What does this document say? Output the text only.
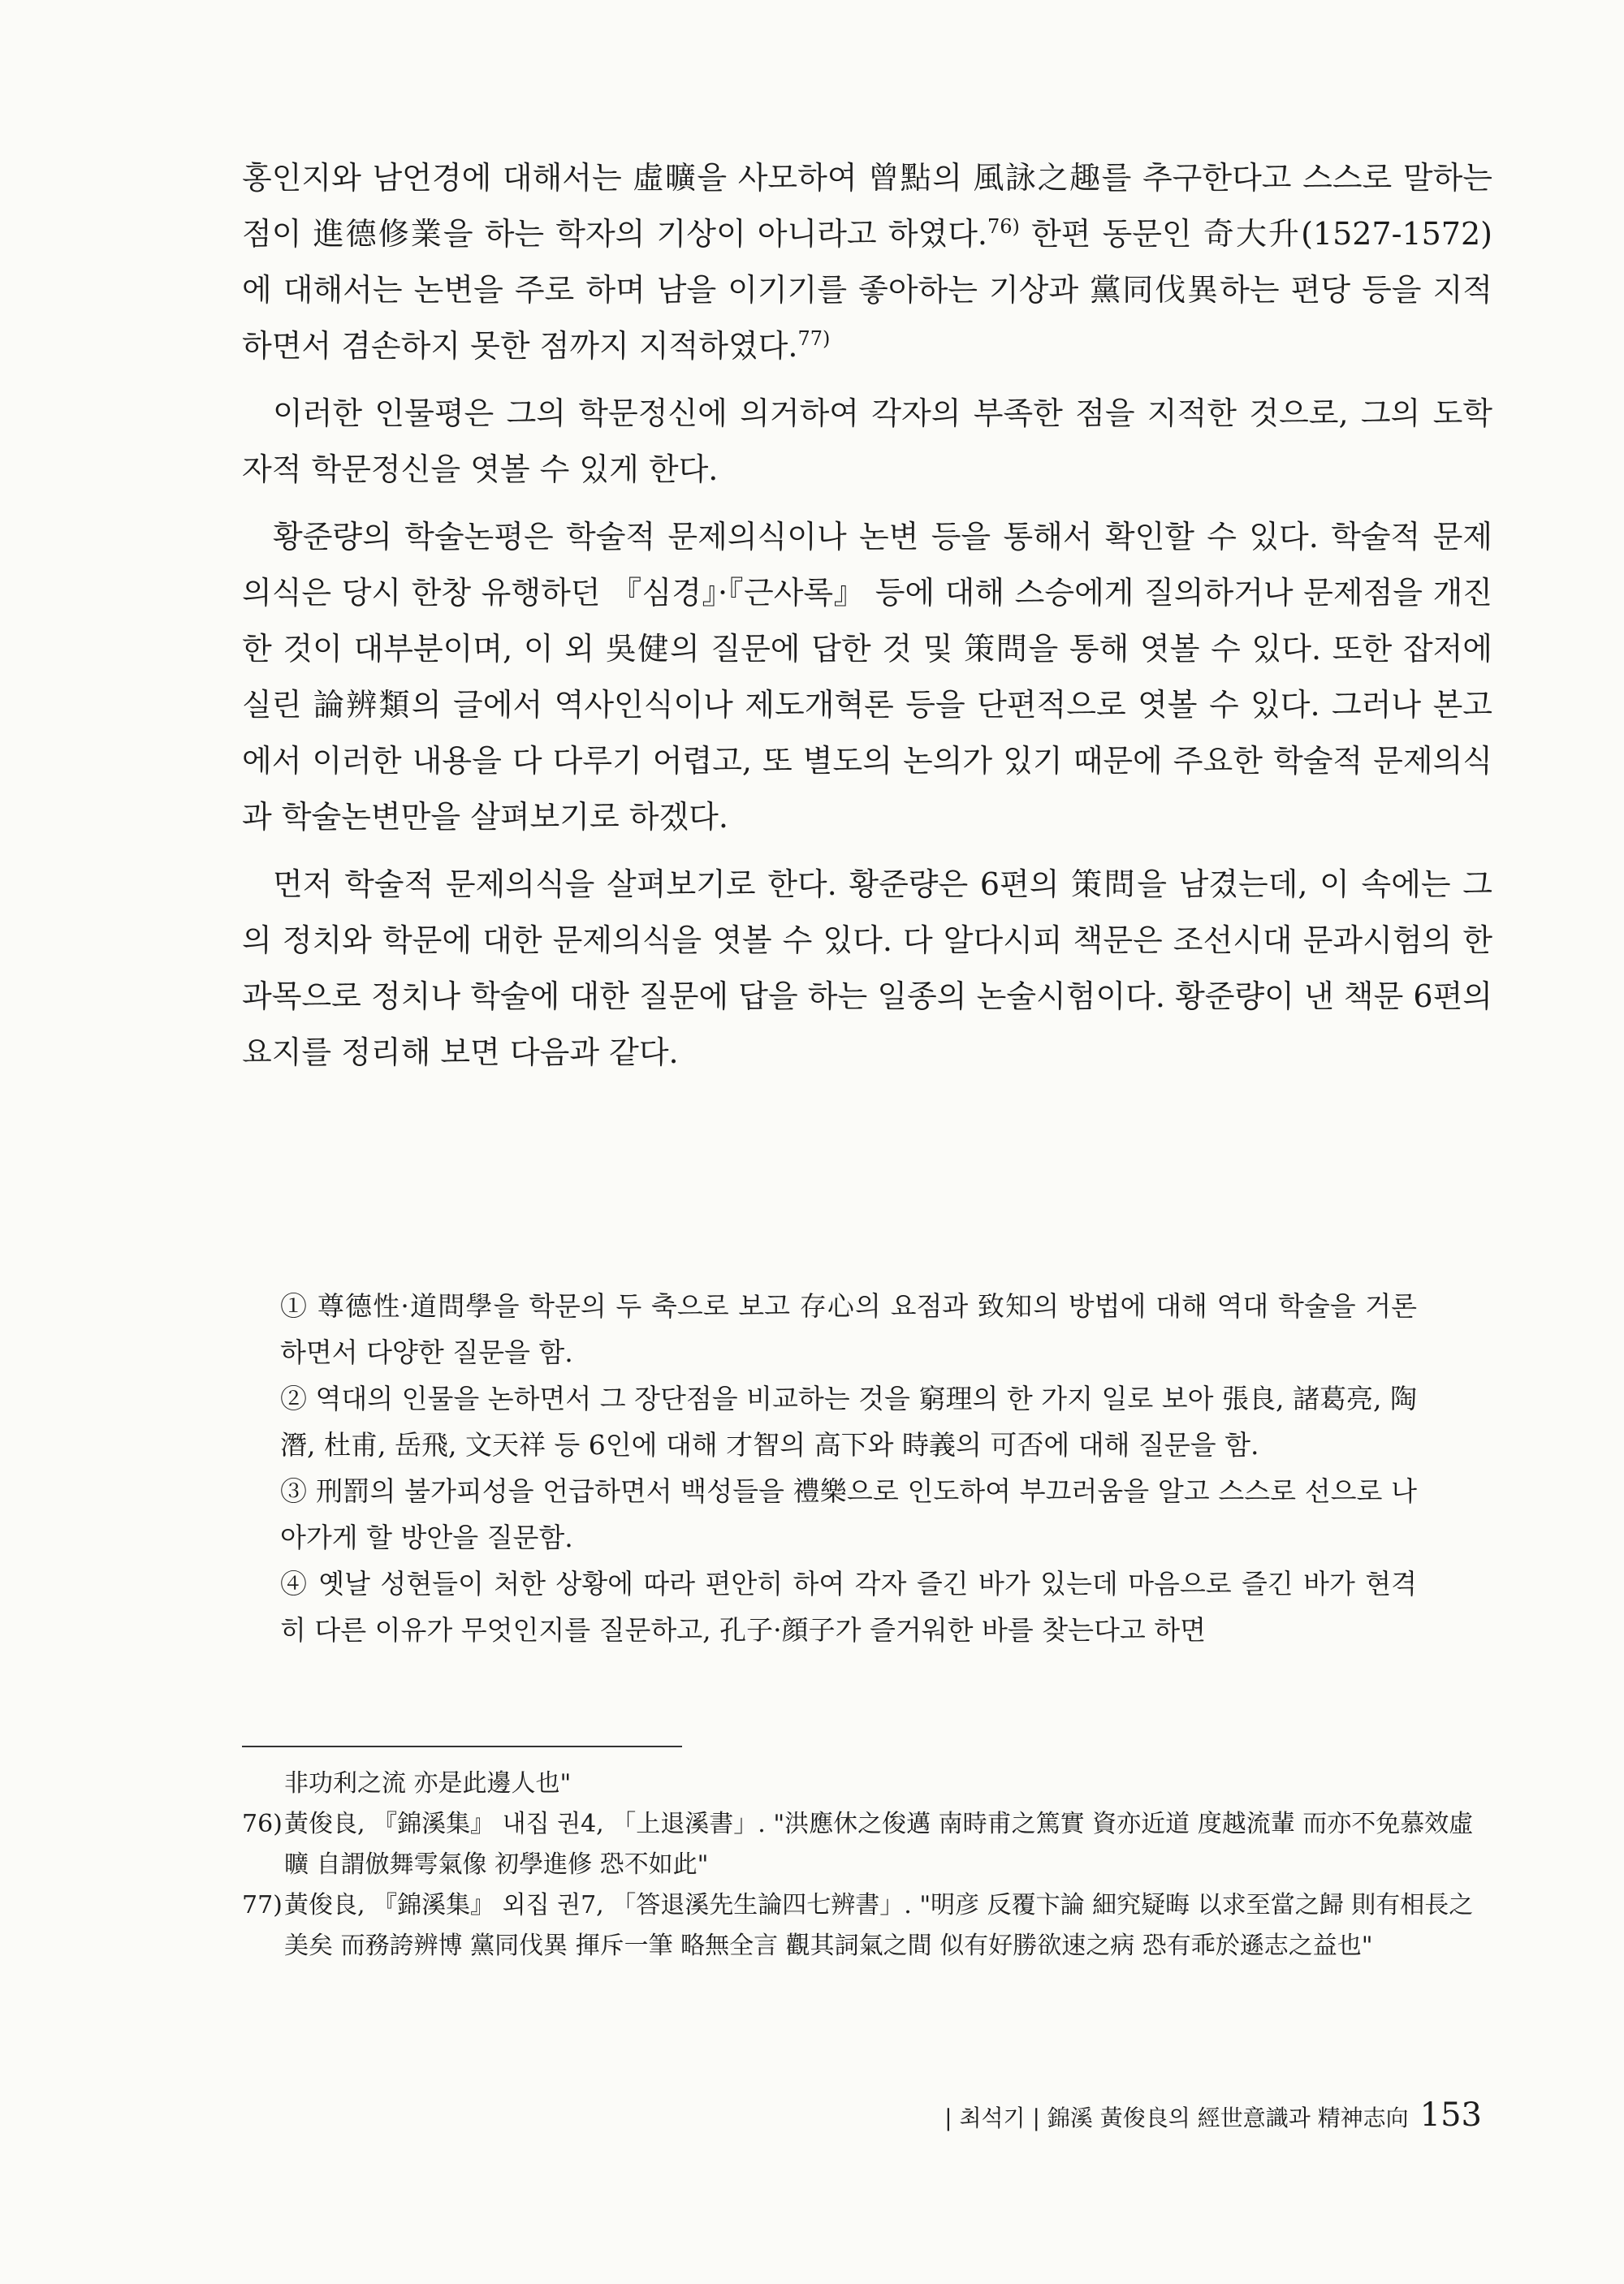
홍인지와 남언경에 대해서는 虛曠을 사모하여 曾點의 風詠之趣를 추구한다고 스스로 말하는 점이 進德修業을 하는 학자의 기상이 아니라고 하였다.$^{76)}$ 한편 동문인 奇大升(1527-1572)에 대해서는 논변을 주로 하며 남을 이기기를 좋아하는 기상과 黨同伐異하는 편당 등을 지적하면서 겸손하지 못한 점까지 지적하였다.$^{77)}$

이러한 인물평은 그의 학문정신에 의거하여 각자의 부족한 점을 지적한 것으로, 그의 도학자적 학문정신을 엿볼 수 있게 한다.

황준량의 학술논평은 학술적 문제의식이나 논변 등을 통해서 확인할 수 있다. 학술적 문제의식은 당시 한창 유행하던 『심경』·『근사록』 등에 대해 스승에게 질의하거나 문제점을 개진한 것이 대부분이며, 이 외 吳健의 질문에 답한 것 및 策問을 통해 엿볼 수 있다. 또한 잡저에 실린 論辨類의 글에서 역사인식이나 제도개혁론 등을 단편적으로 엿볼 수 있다. 그러나 본고에서 이러한 내용을 다 다루기 어렵고, 또 별도의 논의가 있기 때문에 주요한 학술적 문제의식과 학술논변만을 살펴보기로 하겠다.

먼저 학술적 문제의식을 살펴보기로 한다. 황준량은 6편의 策問을 남겼는데, 이 속에는 그의 정치와 학문에 대한 문제의식을 엿볼 수 있다. 다 알다시피 책문은 조선시대 문과시험의 한 과목으로 정치나 학술에 대한 질문에 답을 하는 일종의 논술시험이다. 황준량이 낸 책문 6편의 요지를 정리해 보면 다음과 같다.

① 尊德性·道問學을 학문의 두 축으로 보고 存心의 요점과 致知의 방법에 대해 역대 학술을 거론하면서 다양한 질문을 함.

② 역대의 인물을 논하면서 그 장단점을 비교하는 것을 窮理의 한 가지 일로 보아 張良, 諸葛亮, 陶潛, 杜甫, 岳飛, 文天祥 등 6인에 대해 才智의 高下와 時義의 可否에 대해 질문을 함.

③ 刑罰의 불가피성을 언급하면서 백성들을 禮樂으로 인도하여 부끄러움을 알고 스스로 선으로 나아가게 할 방안을 질문함.

④ 옛날 성현들이 처한 상황에 따라 편안히 하여 각자 즐긴 바가 있는데 마음으로 즐긴 바가 현격히 다른 이유가 무엇인지를 질문하고, 孔子·顔子가 즐거워한 바를 찾는다고 하면

非功利之流 亦是此邊人也"
76) 黃俊良, 『錦溪集』 내집 권4, 「上退溪書」. "洪應休之俊邁 南時甫之篤實 資亦近道 度越流輩 而亦不免慕效虛曠 自謂倣舞雩氣像 初學進修 恐不如此"
77) 黃俊良, 『錦溪集』 외집 권7, 「答退溪先生論四七辨書」. "明彦 反覆卞論 細究疑晦 以求至當之歸 則有相長之美矣 而務誇辨博 黨同伐異 揮斥一筆 略無全言 觀其詞氣之間 似有好勝欲速之病 恐有乖於遜志之益也"
| 최석기 | 錦溪 黃俊良의 經世意識과 精神志向 153
